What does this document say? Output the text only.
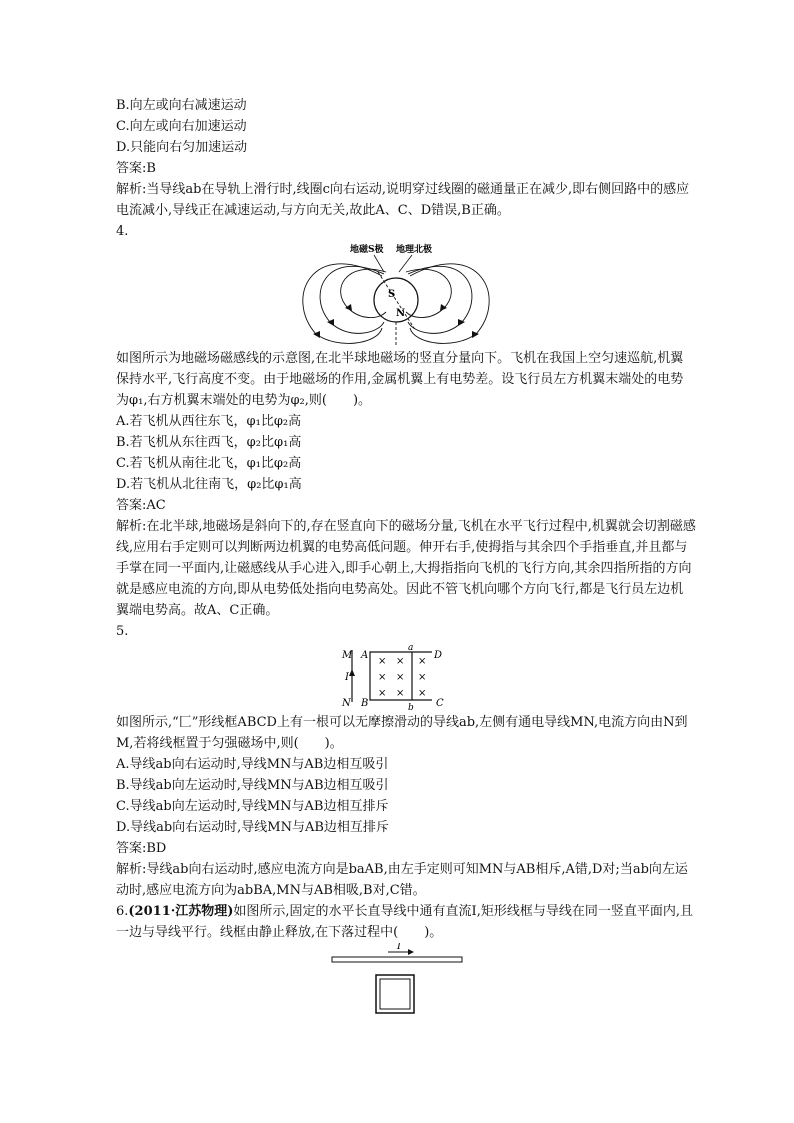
B.向左或向右减速运动
C.向左或向右加速运动
D.只能向右匀加速运动
答案:B
解析:当导线ab在导轨上滑行时,线圈c向右运动,说明穿过线圈的磁通量正在减少,即右侧回路中的感应电流减小,导线正在减速运动,与方向无关,故此A、C、D错误,B正确。
4.
地磁S极 地理北极
S
N
如图所示为地磁场磁感线的示意图,在北半球地磁场的竖直分量向下。飞机在我国上空匀速巡航,机翼保持水平,飞行高度不变。由于地磁场的作用,金属机翼上有电势差。设飞行员左方机翼末端处的电势为φ₁,右方机翼末端处的电势为φ₂,则(　　)。
A.若飞机从西往东飞，φ₁比φ₂高
B.若飞机从东往西飞，φ₂比φ₁高
C.若飞机从南往北飞，φ₁比φ₂高
D.若飞机从北往南飞，φ₂比φ₁高
答案:AC
解析:在北半球,地磁场是斜向下的,存在竖直向下的磁场分量,飞机在水平飞行过程中,机翼就会切割磁感线,应用右手定则可以判断两边机翼的电势高低问题。伸开右手,使拇指与其余四个手指垂直,并且都与手掌在同一平面内,让磁感线从手心进入,即手心朝上,大拇指指向飞机的飞行方向,其余四指所指的方向就是感应电流的方向,即从电势低处指向电势高处。因此不管飞机向哪个方向飞行,都是飞行员左边机翼端电势高。故A、C正确。
5.
M
N
I
A
B	C
D
a
b
× × ×
× × ×
× × ×
如图所示,“匚”形线框ABCD上有一根可以无摩擦滑动的导线ab,左侧有通电导线MN,电流方向由N到M,若将线框置于匀强磁场中,则(　　)。
A.导线ab向右运动时,导线MN与AB边相互吸引
B.导线ab向左运动时,导线MN与AB边相互吸引
C.导线ab向左运动时,导线MN与AB边相互排斥
D.导线ab向右运动时,导线MN与AB边相互排斥
答案:BD
解析:导线ab向右运动时,感应电流方向是baAB,由左手定则可知MN与AB相斥,A错,D对;当ab向左运动时,感应电流方向为abBA,MN与AB相吸,B对,C错。
6.(2011·江苏物理)如图所示,固定的水平长直导线中通有直流I,矩形线框与导线在同一竖直平面内,且一边与导线平行。线框由静止释放,在下落过程中(　　)。
I
